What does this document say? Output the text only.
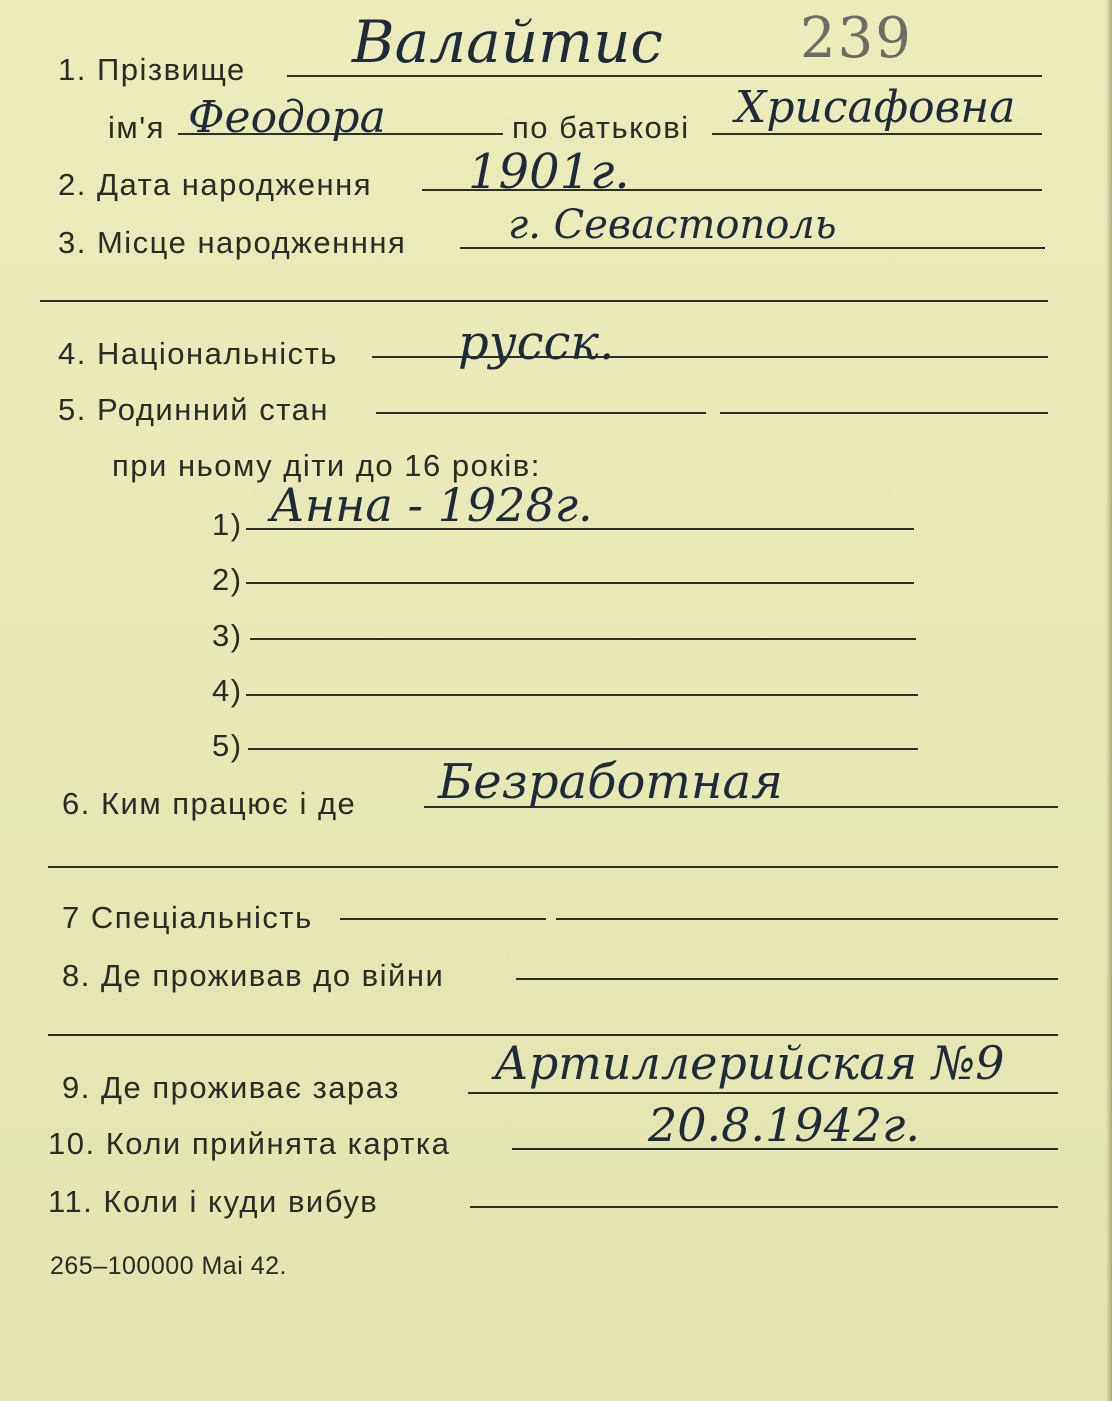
239
1. Прізвище Валайтис
ім'я Феодора	по батькові Хрисафовна
2. Дата народження 1901г.
3. Місце народженння	г. Севастополь
4. Національність	русск.
5. Родинний стан
при ньому діти до 16 років:
1) Анна - 1928г.
2)
3)
4)
5)
6. Ким працює і де Безработная
7 Спеціальність
8. Де проживав до війни
9. Де проживає зараз Артиллерийская №9
10. Коли прийнята картка	20.8.1942г.
11. Коли і куди вибув
265–100000 Mai 42.
